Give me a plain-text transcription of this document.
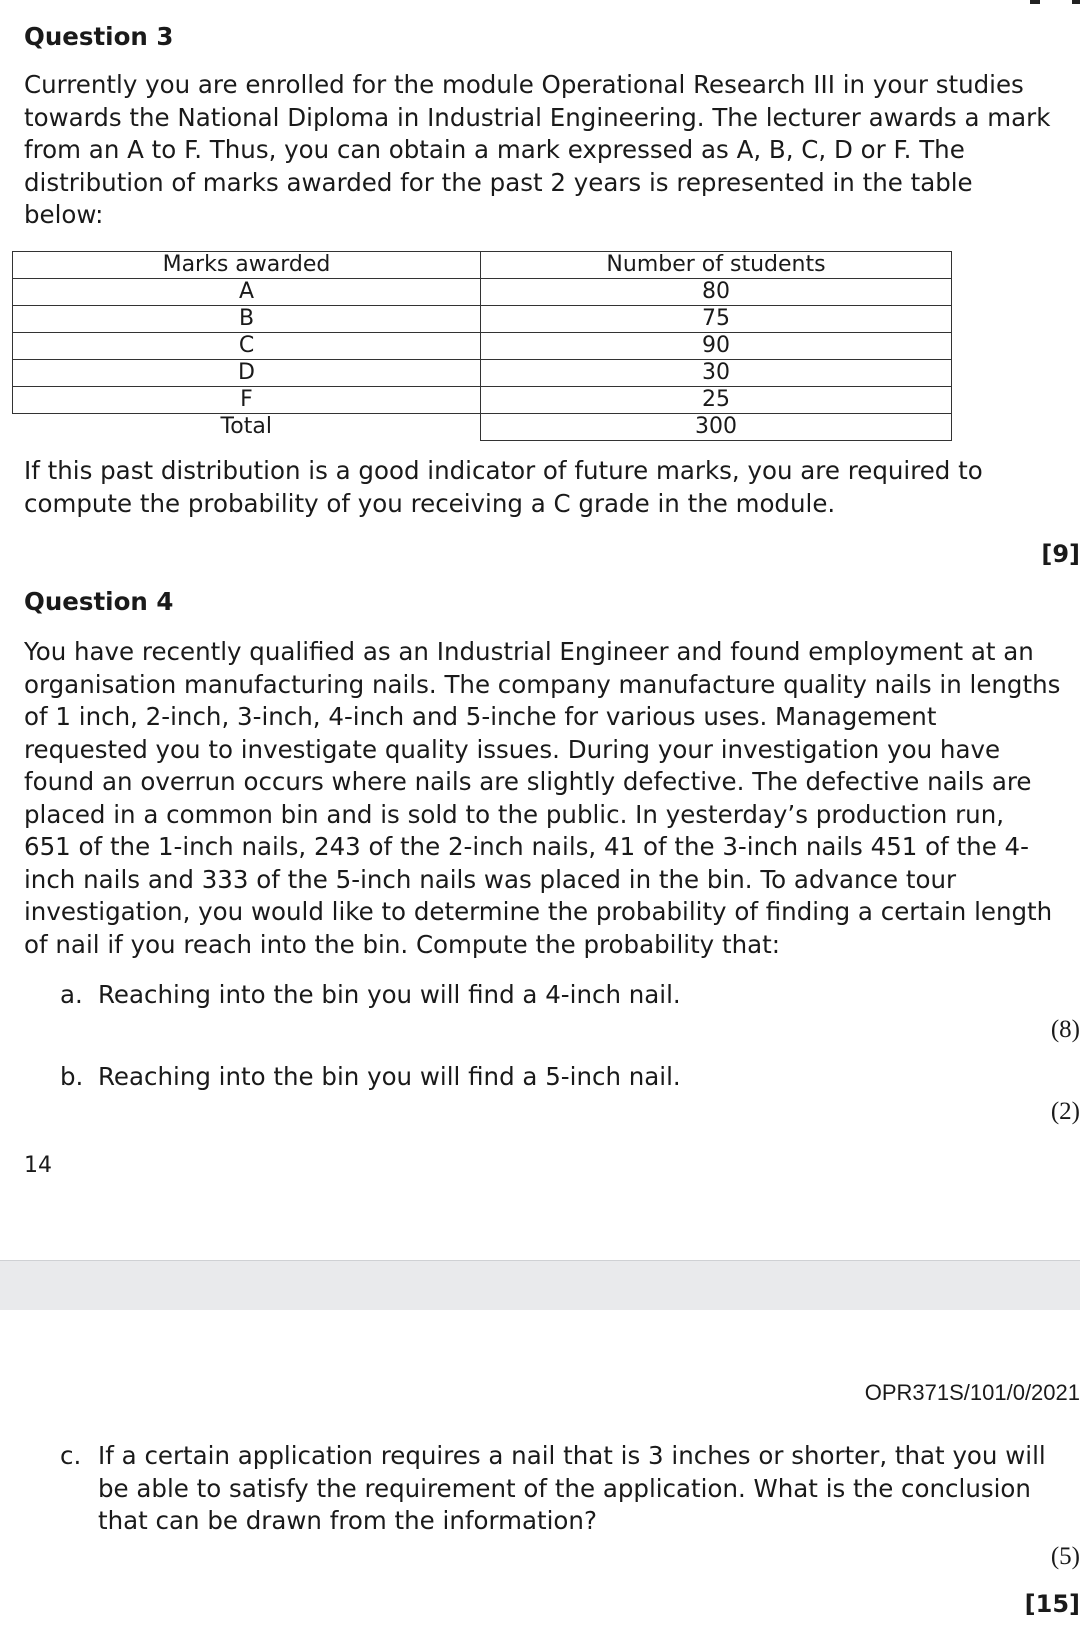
Question 3

Currently you are enrolled for the module Operational Research III in your studies
towards the National Diploma in Industrial Engineering. The lecturer awards a mark
from an A to F. Thus, you can obtain a mark expressed as A, B, C, D or F. The
distribution of marks awarded for the past 2 years is represented in the table
below:

Marks awarded	Number of students
A	80
B	75
C	90
D	30
F	25
Total	300

If this past distribution is a good indicator of future marks, you are required to
compute the probability of you receiving a C grade in the module.

[9]
Question 4

You have recently qualified as an Industrial Engineer and found employment at an
organisation manufacturing nails. The company manufacture quality nails in lengths
of 1 inch, 2-inch, 3-inch, 4-inch and 5-inche for various uses. Management
requested you to investigate quality issues. During your investigation you have
found an overrun occurs where nails are slightly defective. The defective nails are
placed in a common bin and is sold to the public. In yesterday’s production run,
651 of the 1-inch nails, 243 of the 2-inch nails, 41 of the 3-inch nails 451 of the 4-
inch nails and 333 of the 5-inch nails was placed in the bin. To advance tour
investigation, you would like to determine the probability of finding a certain length
of nail if you reach into the bin. Compute the probability that:

a. Reaching into the bin you will find a 4-inch nail.
(8)
b. Reaching into the bin you will find a 5-inch nail.
(2)
14
OPR371S/101/0/2021
c. If a certain application requires a nail that is 3 inches or shorter, that you will
be able to satisfy the requirement of the application. What is the conclusion
that can be drawn from the information?
(5)
[15]
